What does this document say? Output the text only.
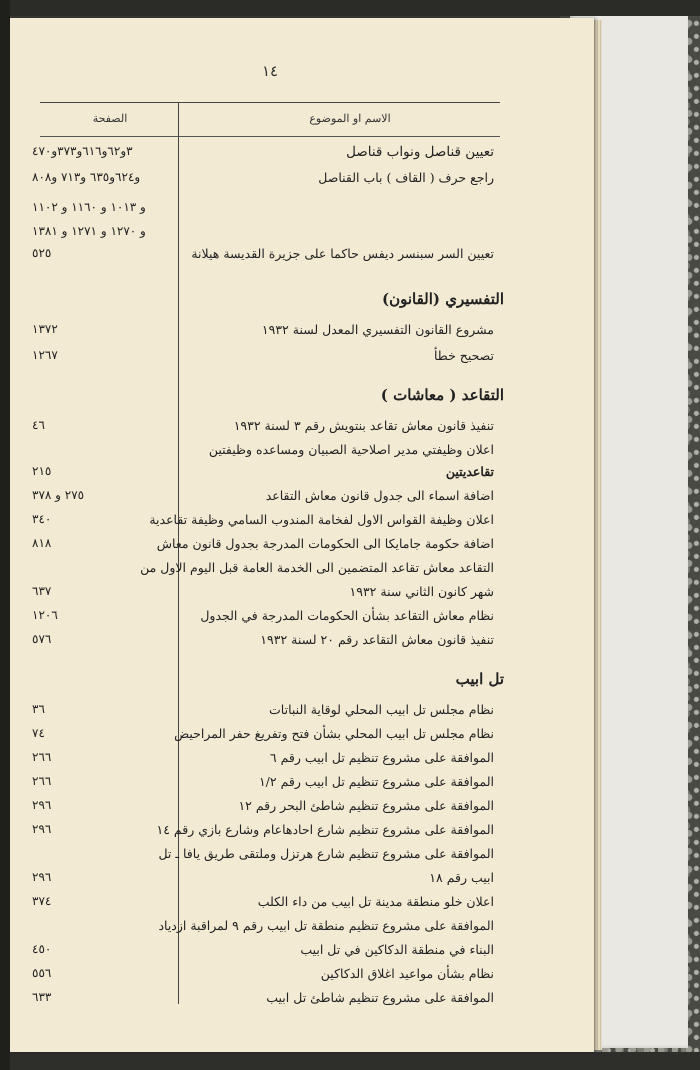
١٤
الاسم او الموضوع
الصفحة
تعيين قناصل ونواب قناصل
٣و٦٢و٦١٦و٣٧٣و٤٧٠
راجع حرف ( القاف ) باب القناصل
و٦٢٤و٦٣٥ و٧١٣ و٨٠٨
و ١٠١٣ و ١١٦٠ و ١١٠٢
و ١٢٧٠ و ١٢٧١ و ١٣٨١
تعيين السر سبنسر ديفس حاكما على جزيرة القديسة هيلانة
٥٢٥
التفسيري (القانون)
مشروع القانون التفسيري المعدل لسنة ١٩٣٢
١٣٧٢
تصحيح خطأ
١٢٦٧
التقاعد ( معاشات )
تنفيذ قانون معاش تقاعد بنتويش رقم ٣ لسنة ١٩٣٢
٤٦
اعلان وظيفتي مدير اصلاحية الصبيان ومساعده وظيفتين
تقاعديتين
٢١٥
اضافة اسماء الى جدول قانون معاش التقاعد
٢٧٥ و ٣٧٨
اعلان وظيفة القواس الاول لفخامة المندوب السامي وظيفة تقاعدية
٣٤٠
اضافة حكومة جامايكا الى الحكومات المدرجة بجدول قانون معاش
٨١٨
التقاعد معاش تقاعد المتضمين الى الخدمة العامة قبل اليوم الاول من
شهر كانون الثاني سنة ١٩٣٢
٦٣٧
نظام معاش التقاعد بشأن الحكومات المدرجة في الجدول
١٢٠٦
تنفيذ قانون معاش التقاعد رقم ٢٠ لسنة ١٩٣٢
٥٧٦
تل ابيب
نظام مجلس تل ابيب المحلي لوقاية النباتات
٣٦
نظام مجلس تل ابيب المحلي بشأن فتح وتفريغ حفر المراحيض
٧٤
الموافقة على مشروع تنظيم تل ابيب رقم ٦
٢٦٦
الموافقة على مشروع تنظيم تل ابيب رقم ١/٢
٢٦٦
الموافقة على مشروع تنظيم شاطئ البحر رقم ١٢
٢٩٦
الموافقة على مشروع تنظيم شارع احادهاعام وشارع بازي رقم ١٤
٢٩٦
الموافقة على مشروع تنظيم شارع هرتزل وملتقى طريق يافا ـ تل
ابيب رقم ١٨
٢٩٦
اعلان خلو منطقة مدينة تل ابيب من داء الكلب
٣٧٤
الموافقة على مشروع تنظيم منطقة تل ابيب رقم ٩ لمراقبة ازدياد
البناء في منطقة الدكاكين في تل ابيب
٤٥٠
نظام بشأن مواعيد اغلاق الدكاكين
٥٥٦
الموافقة على مشروع تنظيم شاطئ تل ابيب
٦٣٣
